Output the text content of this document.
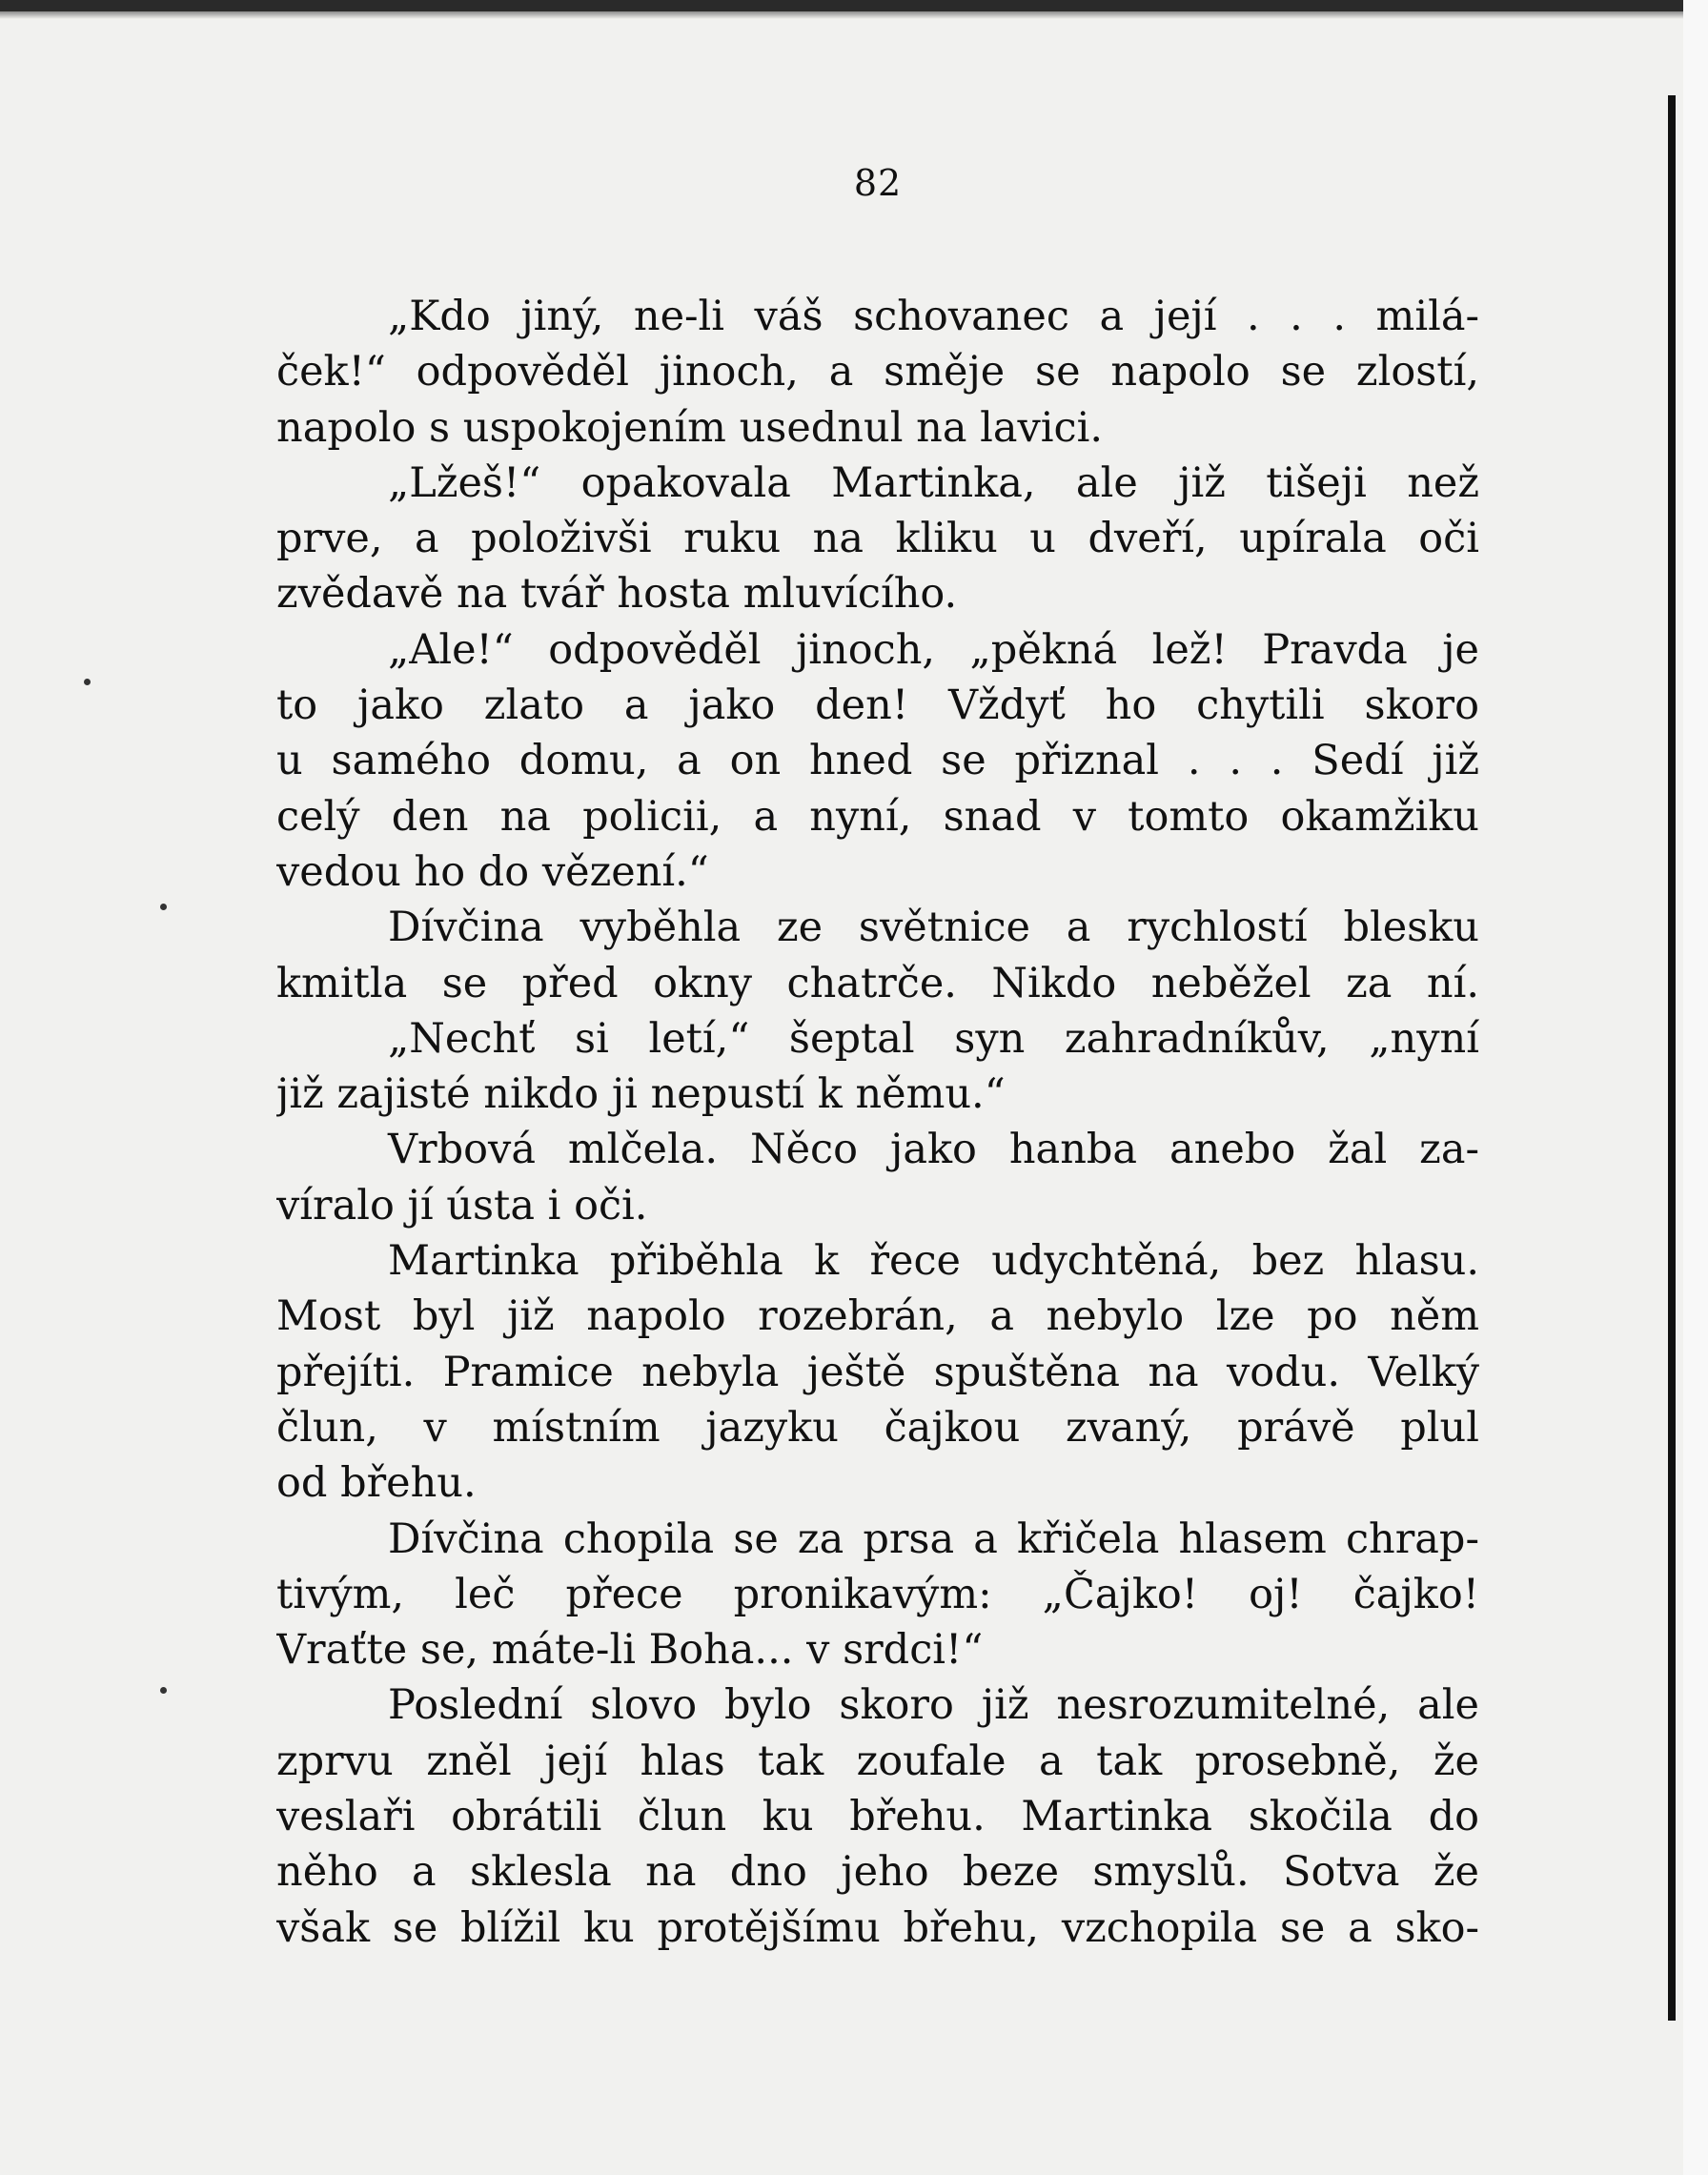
82
„Kdo jiný, ne-li váš schovanec a její . . . milá-
ček!“ odpověděl jinoch, a směje se napolo se zlostí,
napolo s uspokojením usednul na lavici.
„Lžeš!“ opakovala Martinka, ale již tišeji než
prve, a položivši ruku na kliku u dveří, upírala oči
zvědavě na tvář hosta mluvícího.
„Ale!“ odpověděl jinoch, „pěkná lež! Pravda je
to jako zlato a jako den! Vždyť ho chytili skoro
u samého domu, a on hned se přiznal . . . Sedí již
celý den na policii, a nyní, snad v tomto okamžiku
vedou ho do vězení.“
Dívčina vyběhla ze světnice a rychlostí blesku
kmitla se před okny chatrče. Nikdo neběžel za ní.
„Nechť si letí,“ šeptal syn zahradníkův, „nyní
již zajisté nikdo ji nepustí k němu.“
Vrbová mlčela. Něco jako hanba anebo žal za-
víralo jí ústa i oči.
Martinka přiběhla k řece udychtěná, bez hlasu.
Most byl již napolo rozebrán, a nebylo lze po něm
přejíti. Pramice nebyla ještě spuštěna na vodu. Velký
člun, v místním jazyku čajkou zvaný, právě plul
od břehu.
Dívčina chopila se za prsa a křičela hlasem chrap-
tivým, leč přece pronikavým: „Čajko! oj! čajko!
Vraťte se, máte-li Boha... v srdci!“
Poslední slovo bylo skoro již nesrozumitelné, ale
zprvu zněl její hlas tak zoufale a tak prosebně, že
veslaři obrátili člun ku břehu. Martinka skočila do
něho a sklesla na dno jeho beze smyslů. Sotva že
však se blížil ku protějšímu břehu, vzchopila se a sko-
